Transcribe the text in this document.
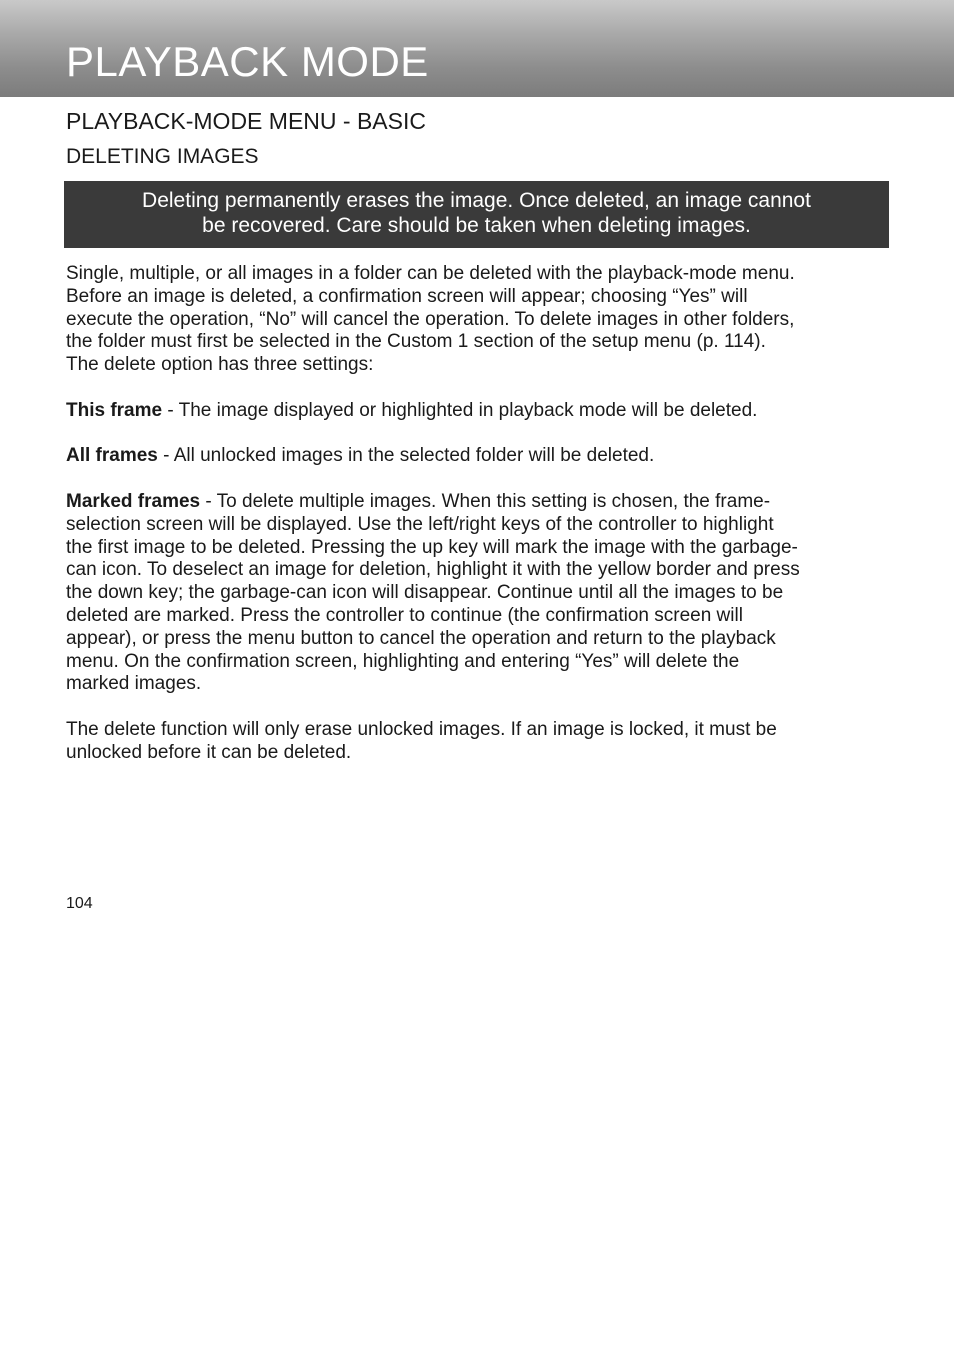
PLAYBACK MODE
PLAYBACK-MODE MENU - BASIC
DELETING IMAGES
Deleting permanently erases the image. Once deleted, an image cannot
be recovered. Care should be taken when deleting images.
Single, multiple, or all images in a folder can be deleted with the playback-mode menu.
Before an image is deleted, a confirmation screen will appear; choosing “Yes” will
execute the operation, “No” will cancel the operation. To delete images in other folders,
the folder must first be selected in the Custom 1 section of the setup menu (p. 114).
The delete option has three settings:
This frame - The image displayed or highlighted in playback mode will be deleted.
All frames - All unlocked images in the selected folder will be deleted.
Marked frames - To delete multiple images. When this setting is chosen, the frame-
selection screen will be displayed. Use the left/right keys of the controller to highlight
the first image to be deleted. Pressing the up key will mark the image with the garbage-
can icon. To deselect an image for deletion, highlight it with the yellow border and press
the down key; the garbage-can icon will disappear. Continue until all the images to be
deleted are marked. Press the controller to continue (the confirmation screen will
appear), or press the menu button to cancel the operation and return to the playback
menu. On the confirmation screen, highlighting and entering “Yes” will delete the
marked images.
The delete function will only erase unlocked images. If an image is locked, it must be
unlocked before it can be deleted.
104
